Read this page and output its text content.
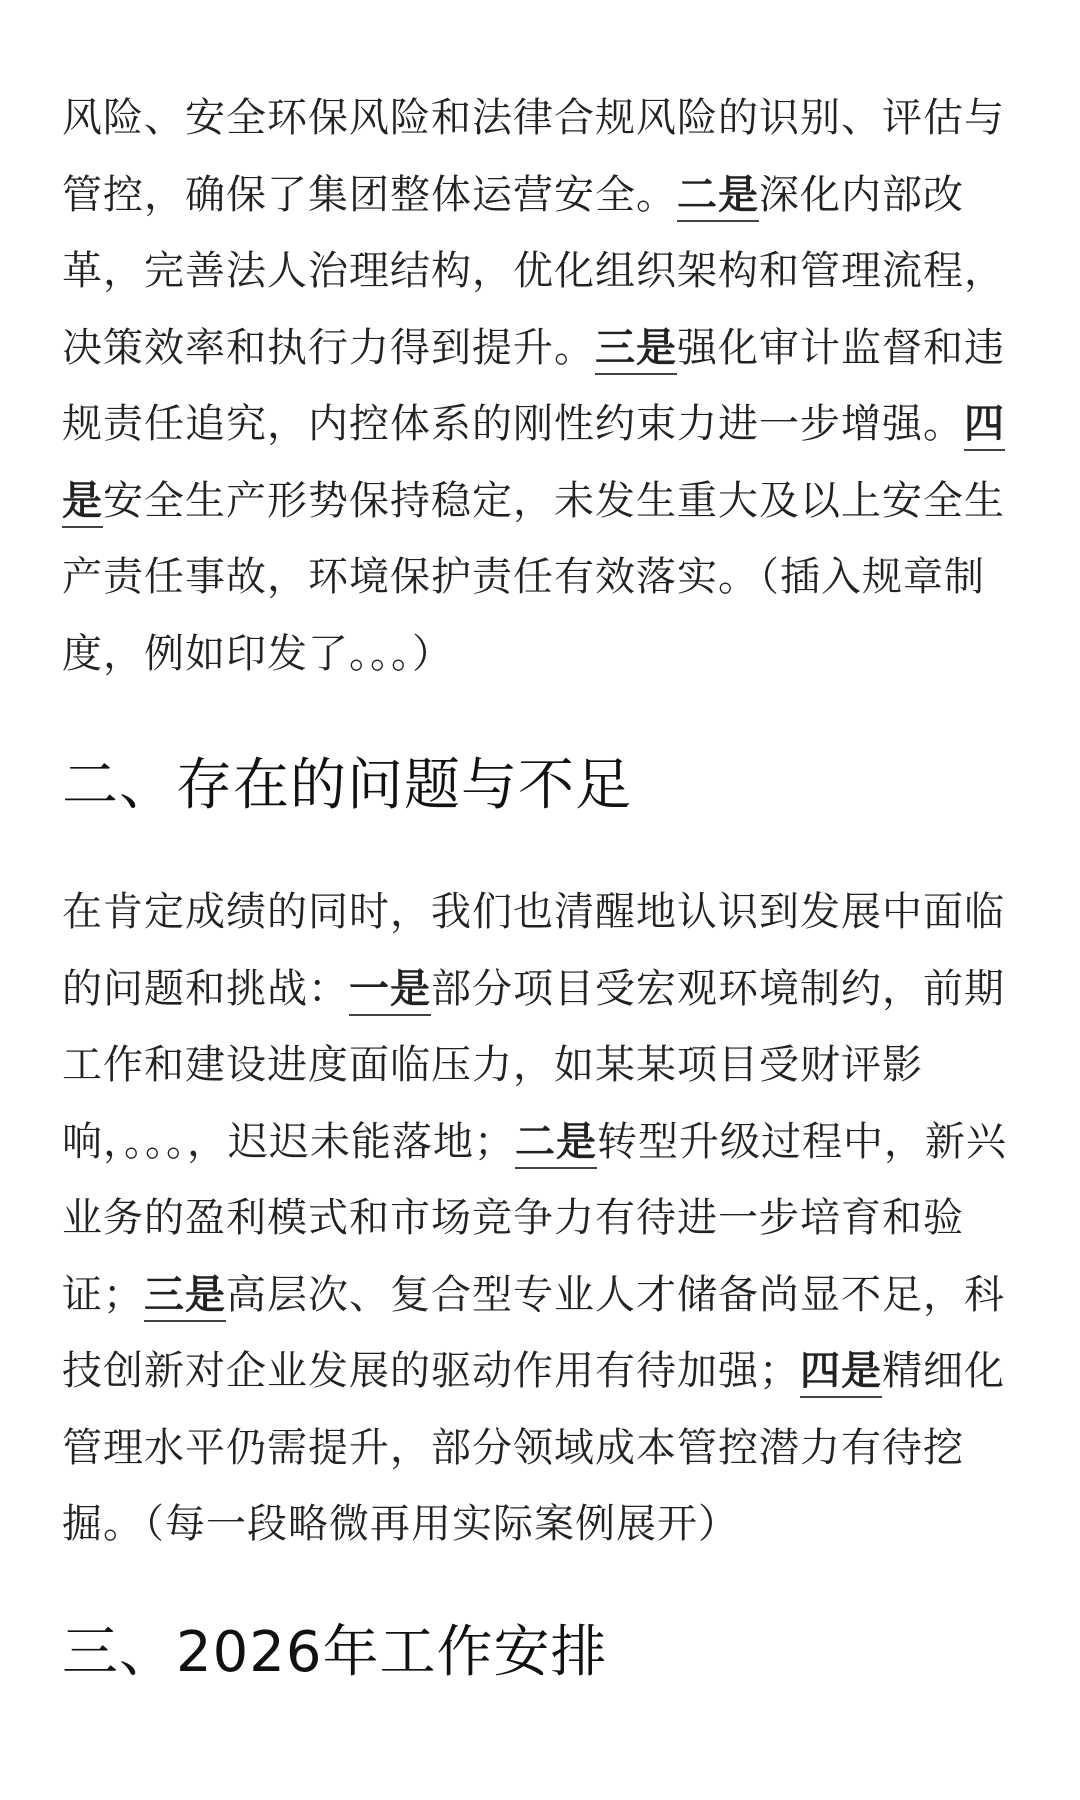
风险、安全环保风险和法律合规风险的识别、评估与管控，确保了集团整体运营安全。二是深化内部改革，完善法人治理结构，优化组织架构和管理流程，决策效率和执行力得到提升。三是强化审计监督和违规责任追究，内控体系的刚性约束力进一步增强。四是安全生产形势保持稳定，未发生重大及以上安全生产责任事故，环境保护责任有效落实。（插入规章制度，例如印发了。。。）

二、存在的问题与不足

在肯定成绩的同时，我们也清醒地认识到发展中面临的问题和挑战：一是部分项目受宏观环境制约，前期工作和建设进度面临压力，如某某项目受财评影响，。。。，迟迟未能落地；二是转型升级过程中，新兴业务的盈利模式和市场竞争力有待进一步培育和验证；三是高层次、复合型专业人才储备尚显不足，科技创新对企业发展的驱动作用有待加强；四是精细化管理水平仍需提升，部分领域成本管控潜力有待挖掘。（每一段略微再用实际案例展开）

三、2026年工作安排
